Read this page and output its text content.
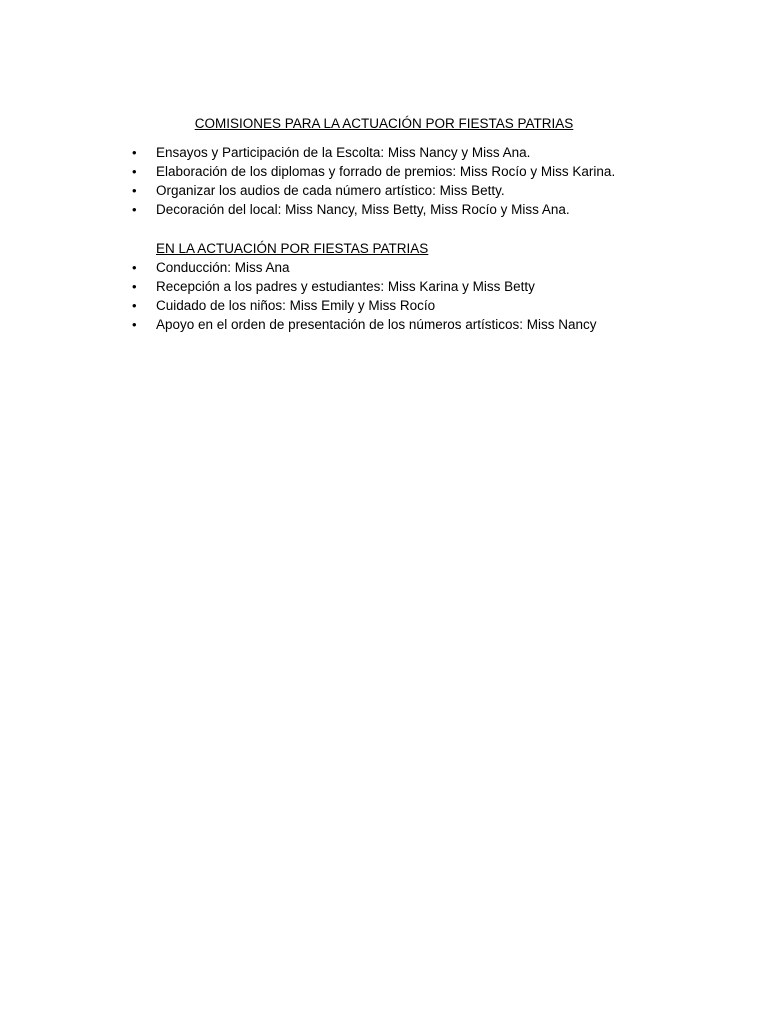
COMISIONES PARA LA ACTUACIÓN POR FIESTAS PATRIAS
• Ensayos y Participación de la Escolta: Miss Nancy y Miss Ana.
• Elaboración de los diplomas y forrado de premios: Miss Rocío y Miss Karina.
• Organizar los audios de cada número artístico: Miss Betty.
• Decoración del local: Miss Nancy, Miss Betty, Miss Rocío y Miss Ana.
EN LA ACTUACIÓN POR FIESTAS PATRIAS
• Conducción: Miss Ana
• Recepción a los padres y estudiantes: Miss Karina y Miss Betty
• Cuidado de los niños: Miss Emily y Miss Rocío
• Apoyo en el orden de presentación de los números artísticos: Miss Nancy
